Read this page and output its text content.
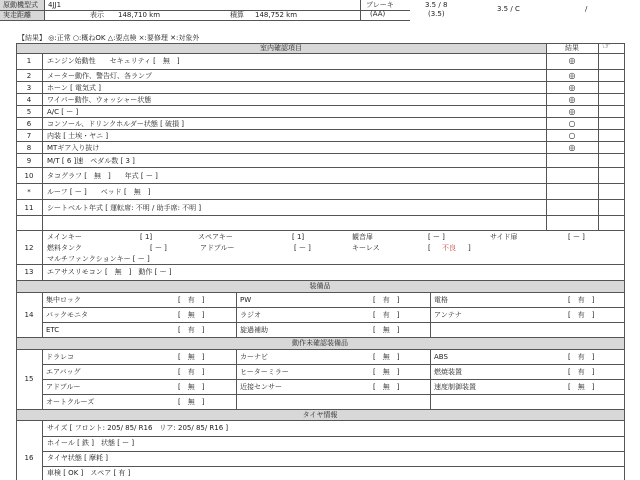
原動機型式 4JJ1
実走距離	表示 148,710 km	積算 148,752 km
ブレーキ
(AA)
3.5 / 8
(3.5)
3.5 / C	/
【結果】 ◎:正常 ○:概ねOK △:要点検 ×:要修理 ✕:対象外
室内確認項目	結果	☞
1	エンジン始動性　　セキュリティ [　無　]	◎
2	メーター動作、警告灯、各ランプ	◎
3	ホーン [ 電気式 ]	◎
4	ワイパー動作、ウォッシャー状態	◎
5	A/C [ ー ]	◎
6	コンソール、ドリンクホルダー状態 [ 破損 ]	○
7	内装 [ 土埃・ヤニ ]	○
8	MTギア入り抜け	◎
9	M/T [ 6 ]速　ペダル数 [ 3 ]
10	タコグラフ [　無　]　　年式 [ ー ]
*	ルーフ [ ー ]　　ベッド [　無　]
11	シートベルト年式 [ 運転席: 不明 / 助手席: 不明 ]
12
メインキー	[ 1]	スペアキー	[ 1]	観音扉	[ ー ]	サイド扉	[ ー ]
燃料タンク	[ ー ]	アドブルー	[ ー ]	キーレス	[ 不良 ]
マルチファンクションキー [ ー ]
13	エアサスリモコン [　無　]　動作 [ ー ]
装備品
14
集中ロック	[　有　]	PW	[　有　]	電格	[　有　]
バックモニタ	[　無　]	ラジオ	[　有　]	アンテナ	[　有　]
ETC	[　有　]	旋過補助	[　無　]
動作未確認装備品
15
ドラレコ	[　無　]	カーナビ	[　無　]	ABS	[　有　]
エアバッグ	[　有　]	ヒーターミラー	[　無　]	燃焼装置	[　有　]
アドブルー	[　無　]	近接センサー	[　無　]	速度制御装置	[　無　]
オートクルーズ	[　無　]
タイヤ情報
16
サイズ [ フロント: 205/ 85/ R16　リア: 205/ 85/ R16 ]
ホイール [ 鉄 ]　状態 [ ー ]
タイヤ状態 [ 摩耗 ]
車検 [ OK ]　スペア [ 有 ]
